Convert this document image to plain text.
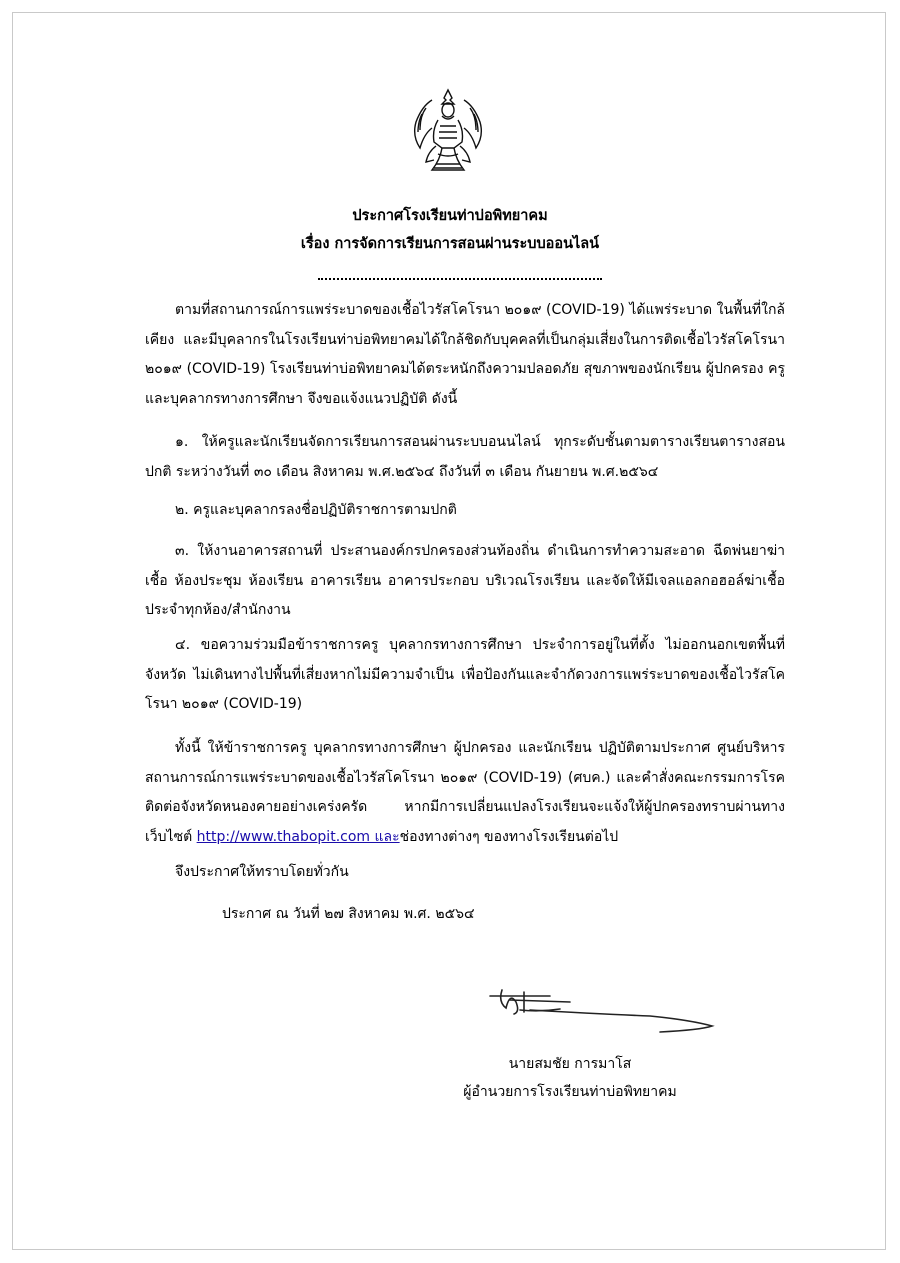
ประกาศโรงเรียนท่าบ่อพิทยาคม
เรื่อง การจัดการเรียนการสอนผ่านระบบออนไลน์

ตามที่สถานการณ์การแพร่ระบาดของเชื้อไวรัสโคโรนา ๒๐๑๙ (COVID-19) ได้แพร่ระบาด ในพื้นที่ใกล้เคียง และมีบุคลากรในโรงเรียนท่าบ่อพิทยาคมได้ใกล้ชิดกับบุคคลที่เป็นกลุ่มเสี่ยงในการติดเชื้อไวรัสโคโรนา ๒๐๑๙ (COVID-19) โรงเรียนท่าบ่อพิทยาคมได้ตระหนักถึงความปลอดภัย สุขภาพของนักเรียน ผู้ปกครอง ครู และบุคลากรทางการศึกษา จึงขอแจ้งแนวปฏิบัติ ดังนี้

๑. ให้ครูและนักเรียนจัดการเรียนการสอนผ่านระบบอนนไลน์ ทุกระดับชั้นตามตารางเรียนตารางสอนปกติ ระหว่างวันที่ ๓๐ เดือน สิงหาคม พ.ศ.๒๕๖๔ ถึงวันที่ ๓ เดือน กันยายน พ.ศ.๒๕๖๔

๒. ครูและบุคลากรลงชื่อปฏิบัติราชการตามปกติ

๓. ให้งานอาคารสถานที่ ประสานองค์กรปกครองส่วนท้องถิ่น ดำเนินการทำความสะอาด ฉีดพ่นยาฆ่าเชื้อ ห้องประชุม ห้องเรียน อาคารเรียน อาคารประกอบ บริเวณโรงเรียน และจัดให้มีเจลแอลกอฮอล์ฆ่าเชื้อประจำทุกห้อง/สำนักงาน

๔. ขอความร่วมมือข้าราชการครู บุคลากรทางการศึกษา ประจำการอยู่ในที่ตั้ง ไม่ออกนอกเขตพื้นที่จังหวัด ไม่เดินทางไปพื้นที่เสี่ยงหากไม่มีความจำเป็น เพื่อป้องกันและจำกัดวงการแพร่ระบาดของเชื้อไวรัสโค โรนา ๒๐๑๙ (COVID-19)

ทั้งนี้ ให้ข้าราชการครู บุคลากรทางการศึกษา ผู้ปกครอง และนักเรียน ปฏิบัติตามประกาศ ศูนย์บริหารสถานการณ์การแพร่ระบาดของเชื้อไวรัสโคโรนา ๒๐๑๙ (COVID-19) (ศบค.) และคำสั่งคณะกรรมการโรคติดต่อจังหวัดหนองคายอย่างเคร่งครัด หากมีการเปลี่ยนแปลงโรงเรียนจะแจ้งให้ผู้ปกครองทราบผ่านทางเว็บไซต์ http://www.thabopit.com และช่องทางต่างๆ ของทางโรงเรียนต่อไป

จึงประกาศให้ทราบโดยทั่วกัน
ประกาศ ณ วันที่ ๒๗ สิงหาคม พ.ศ. ๒๕๖๔
นายสมชัย การมาโส
ผู้อำนวยการโรงเรียนท่าบ่อพิทยาคม
